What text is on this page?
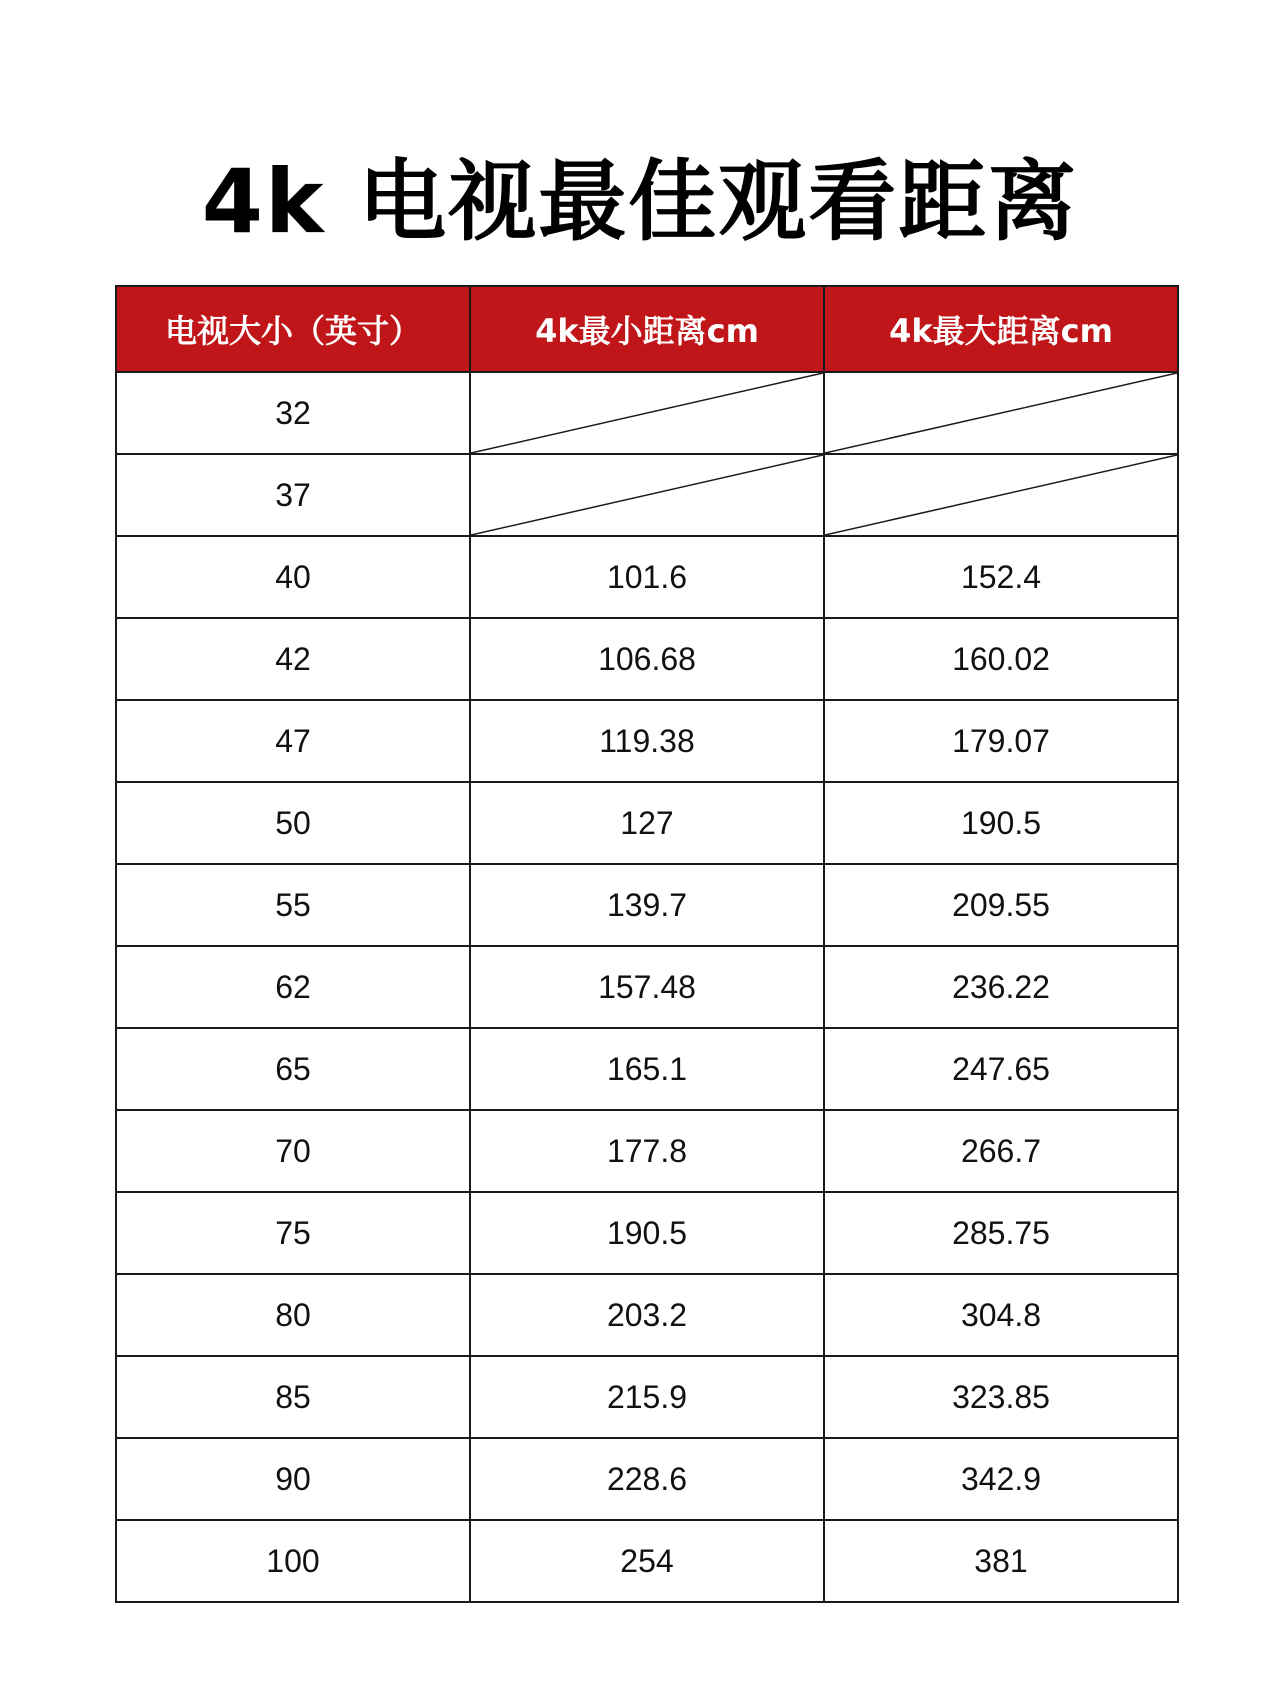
4k 电视最佳观看距离
电视大小（英寸）	4k最小距离cm	4k最大距离cm
32	

37	

40	101.6	152.4
42	106.68	160.02
47	119.38	179.07
50	127	190.5
55	139.7	209.55
62	157.48	236.22
65	165.1	247.65
70	177.8	266.7
75	190.5	285.75
80	203.2	304.8
85	215.9	323.85
90	228.6	342.9
100	254	381
